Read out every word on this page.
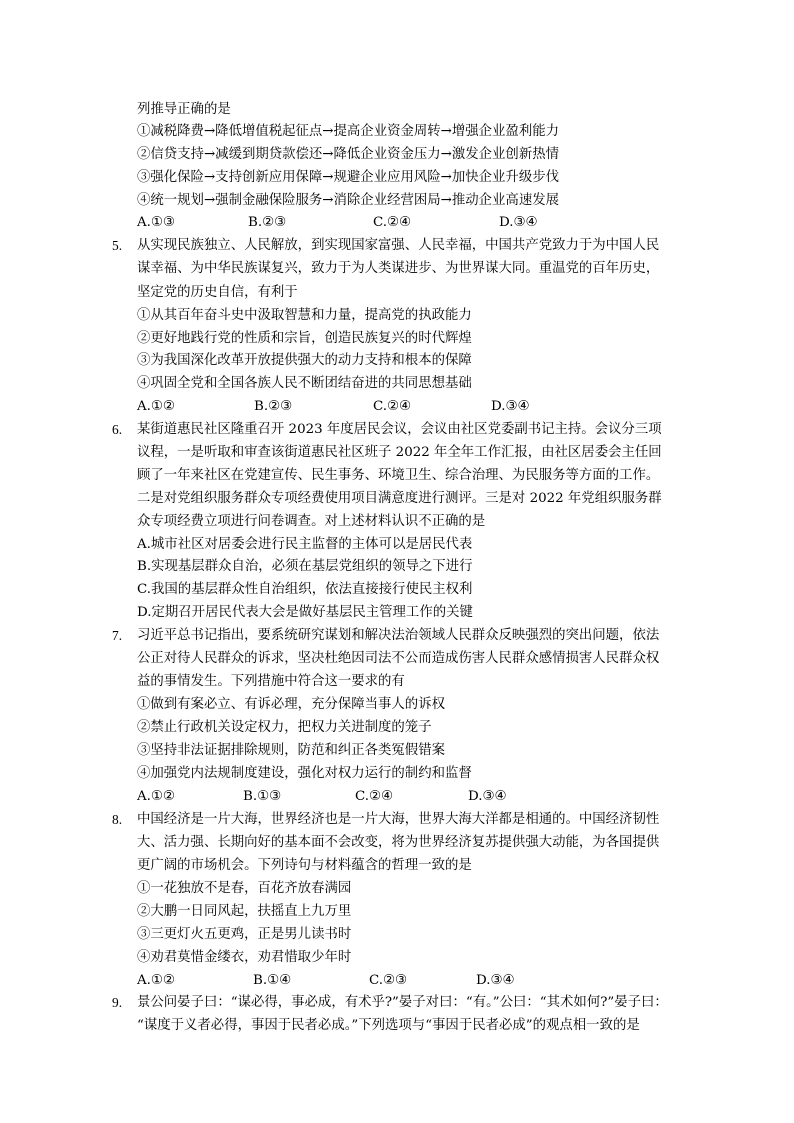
列推导正确的是
①减税降费→降低增值税起征点→提高企业资金周转→增强企业盈利能力
②信贷支持→减缓到期贷款偿还→降低企业资金压力→激发企业创新热情
③强化保险→支持创新应用保障→规避企业应用风险→加快企业升级步伐
④统一规划→强制金融保险服务→消除企业经营困局→推动企业高速发展
A.①③	B.②③	C.②④	D.③④
5. 从实现民族独立、人民解放，到实现国家富强、人民幸福，中国共产党致力于为中国人民
谋幸福、为中华民族谋复兴，致力于为人类谋进步、为世界谋大同。重温党的百年历史，
坚定党的历史自信，有利于
①从其百年奋斗史中汲取智慧和力量，提高党的执政能力
②更好地践行党的性质和宗旨，创造民族复兴的时代辉煌
③为我国深化改革开放提供强大的动力支持和根本的保障
④巩固全党和全国各族人民不断团结奋进的共同思想基础
A.①②	B.②③	C.②④	D.③④
6. 某街道惠民社区隆重召开 2023 年度居民会议，会议由社区党委副书记主持。会议分三项
议程，一是听取和审查该街道惠民社区班子 2022 年全年工作汇报，由社区居委会主任回
顾了一年来社区在党建宣传、民生事务、环境卫生、综合治理、为民服务等方面的工作。
二是对党组织服务群众专项经费使用项目满意度进行测评。三是对 2022 年党组织服务群
众专项经费立项进行问卷调查。对上述材料认识不正确的是
A.城市社区对居委会进行民主监督的主体可以是居民代表
B.实现基层群众自治，必须在基层党组织的领导之下进行
C.我国的基层群众性自治组织，依法直接接行使民主权利
D.定期召开居民代表大会是做好基层民主管理工作的关键
7. 习近平总书记指出，要系统研究谋划和解决法治领域人民群众反映强烈的突出问题，依法
公正对待人民群众的诉求，坚决杜绝因司法不公而造成伤害人民群众感情损害人民群众权
益的事情发生。下列措施中符合这一要求的有
①做到有案必立、有诉必理，充分保障当事人的诉权
②禁止行政机关设定权力，把权力关进制度的笼子
③坚持非法证据排除规则，防范和纠正各类冤假错案
④加强党内法规制度建设，强化对权力运行的制约和监督
A.①②	B.①③	C.②④	D.③④
8. 中国经济是一片大海，世界经济也是一片大海，世界大海大洋都是相通的。中国经济韧性
大、活力强、长期向好的基本面不会改变，将为世界经济复苏提供强大动能，为各国提供
更广阔的市场机会。下列诗句与材料蕴含的哲理一致的是
①一花独放不是春，百花齐放春满园
②大鹏一日同风起，扶摇直上九万里
③三更灯火五更鸡，正是男儿读书时
④劝君莫惜金缕衣，劝君惜取少年时
A.①②	B.①④	C.②③	D.③④
9. 景公问晏子曰：“谋必得，事必成，有术乎?”晏子对曰：“有。”公曰：“其术如何?”晏子曰：
“谋度于义者必得，事因于民者必成。”下列选项与“事因于民者必成”的观点相一致的是
